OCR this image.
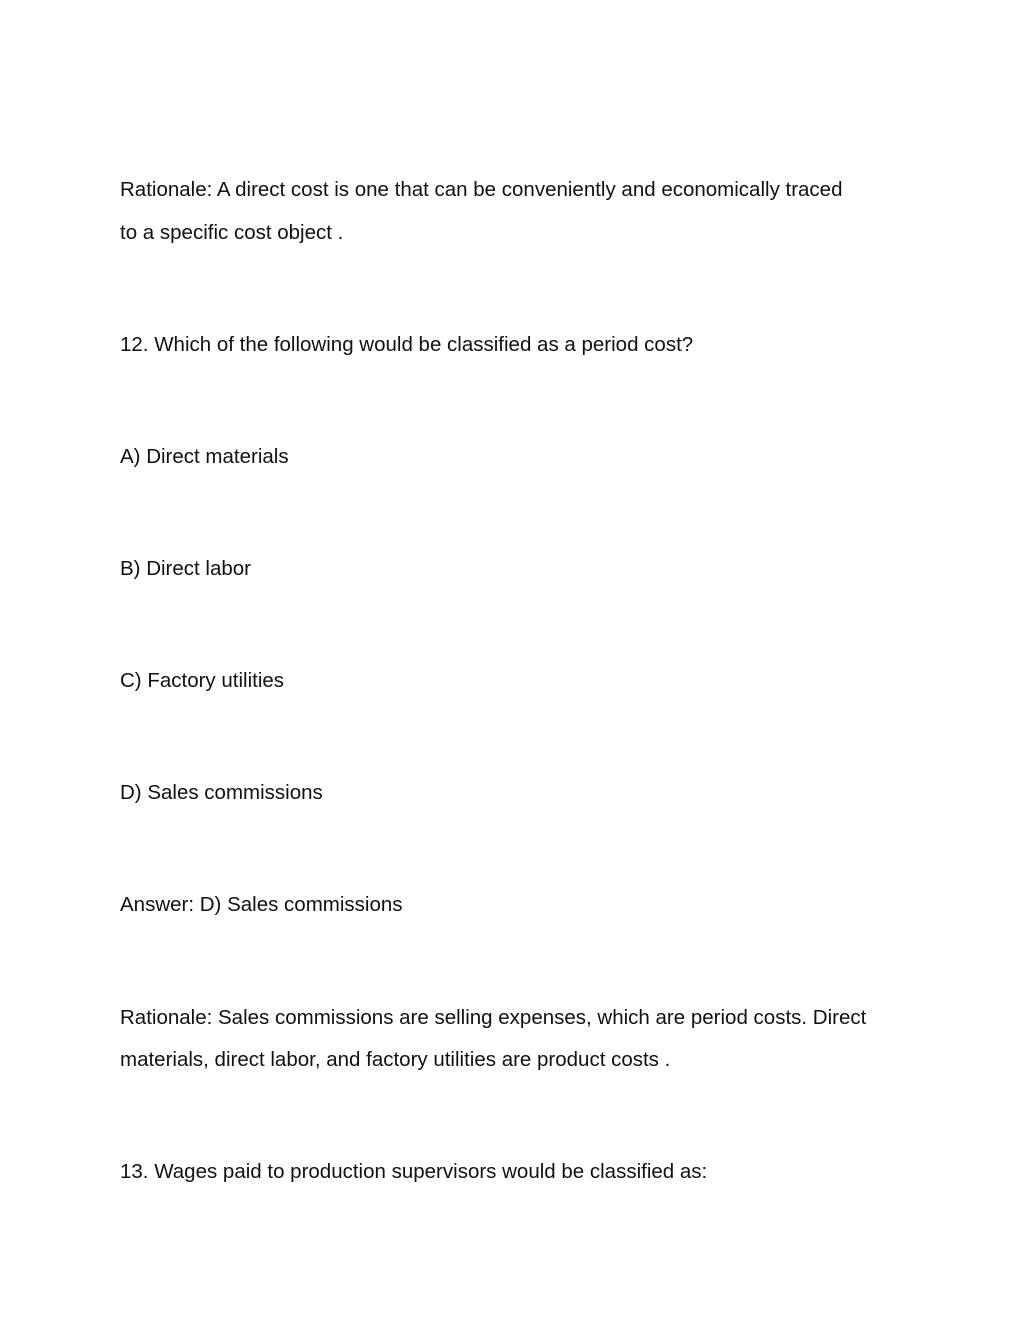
Rationale: A direct cost is one that can be conveniently and economically traced

to a specific cost object .

12. Which of the following would be classified as a period cost?

A) Direct materials

B) Direct labor

C) Factory utilities

D) Sales commissions

Answer: D) Sales commissions

Rationale: Sales commissions are selling expenses, which are period costs. Direct

materials, direct labor, and factory utilities are product costs .

13. Wages paid to production supervisors would be classified as:
